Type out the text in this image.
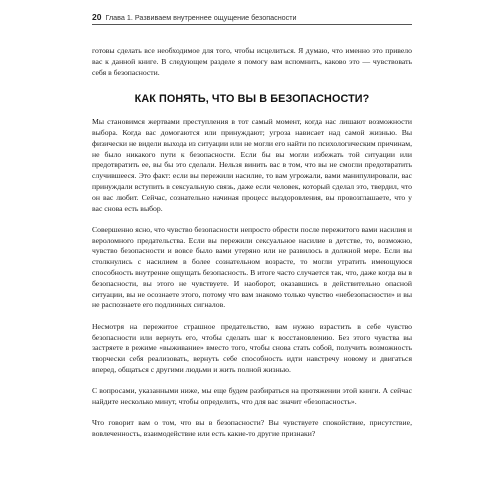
20 Глава 1. Развиваем внутреннее ощущение безопасности

готовы сделать все необходимое для того, чтобы исцелиться. Я думаю, что именно это привело вас к данной книге. В следующем разделе я помогу вам вспомнить, каково это — чувствовать себя в безопасности.

КАК ПОНЯТЬ, ЧТО ВЫ В БЕЗОПАСНОСТИ?

Мы становимся жертвами преступления в тот самый момент, когда нас лишают возможности выбора. Когда вас домогаются или принуждают; угроза нависает над самой жизнью. Вы физически не видели выхода из ситуации или не могли его найти по психологическим причинам, не было никакого пути к безопасности. Если бы вы могли избежать той ситуации или предотвратить ее, вы бы это сделали. Нельзя винить вас в том, что вы не смогли предотвратить случившееся. Это факт: если вы пережили насилие, то вам угрожали, вами манипулировали, вас принуждали вступить в сексуальную связь, даже если человек, который сделал это, твердил, что он вас любит. Сейчас, сознательно начиная процесс выздоровления, вы провозглашаете, что у вас снова есть выбор.

Совершенно ясно, что чувство безопасности непросто обрести после пережитого вами насилия и вероломного предательства. Если вы пережили сексуальное насилие в детстве, то, возможно, чувство безопасности и вовсе было вами утеряно или не развилось в должной мере. Если вы столкнулись с насилием в более сознательном возрасте, то могли утратить имеющуюся способность внутренне ощущать безопасность. В итоге часто случается так, что, даже когда вы в безопасности, вы этого не чувствуете. И наоборот, оказавшись в действительно опасной ситуации, вы не осознаете этого, потому что вам знакомо только чувство «небезопасности» и вы не распознаете его подлинных сигналов.

Несмотря на пережитое страшное предательство, вам нужно взрастить в себе чувство безопасности или вернуть его, чтобы сделать шаг к восстановлению. Без этого чувства вы застряете в режиме «выживание» вместо того, чтобы снова стать собой, получить возможность творчески себя реализовать, вернуть себе способность идти навстречу новому и двигаться вперед, общаться с другими людьми и жить полной жизнью.

С вопросами, указанными ниже, мы еще будем разбираться на протяжении этой книги. А сейчас найдите несколько минут, чтобы определить, что для вас значит «безопасность».

Что говорит вам о том, что вы в безопасности? Вы чувствуете спокойствие, присутствие, вовлеченность, взаимодействие или есть какие-то другие признаки?
